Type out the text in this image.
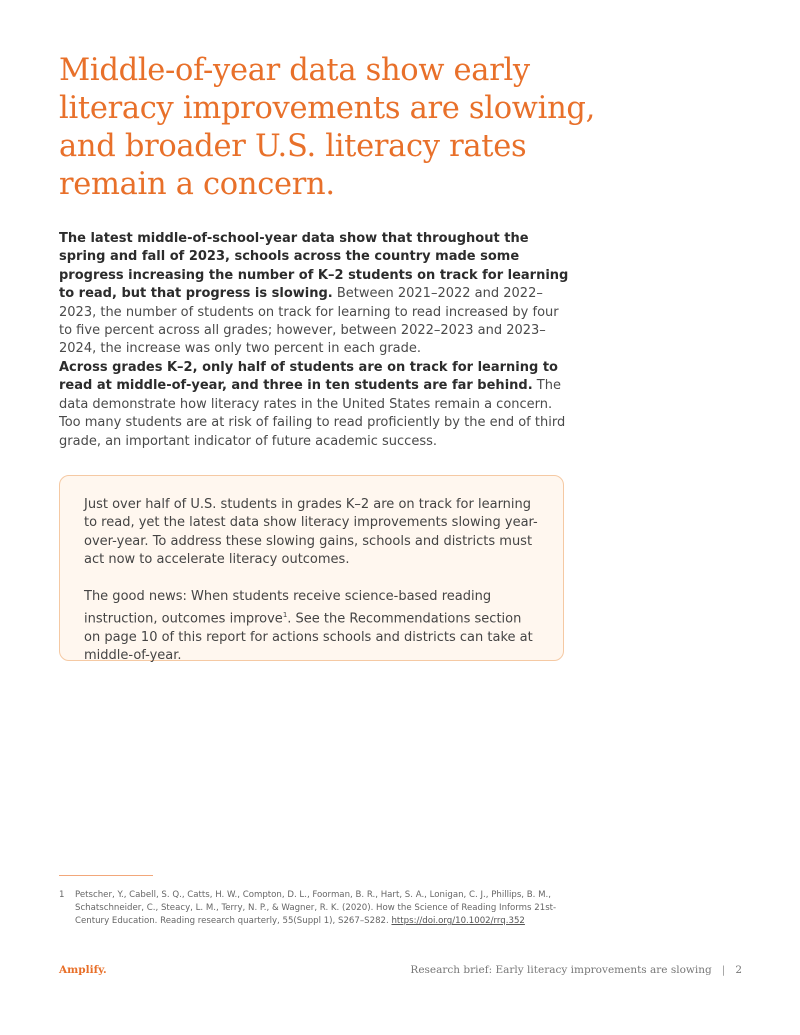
Middle-of-year data show early literacy improvements are slowing, and broader U.S. literacy rates remain a concern.

The latest middle-of-school-year data show that throughout the spring and fall of 2023, schools across the country made some progress increasing the number of K–2 students on track for learning to read, but that progress is slowing. Between 2021–2022 and 2022–2023, the number of students on track for learning to read increased by four to five percent across all grades; however, between 2022–2023 and 2023–2024, the increase was only two percent in each grade.

Across grades K–2, only half of students are on track for learning to read at middle-of-year, and three in ten students are far behind. The data demonstrate how literacy rates in the United States remain a concern. Too many students are at risk of failing to read proficiently by the end of third grade, an important indicator of future academic success.

Just over half of U.S. students in grades K–2 are on track for learning to read, yet the latest data show literacy improvements slowing year-over-year. To address these slowing gains, schools and districts must act now to accelerate literacy outcomes.

The good news: When students receive science-based reading instruction, outcomes improve$^1$. See the Recommendations section on page 10 of this report for actions schools and districts can take at middle-of-year.

1	Petscher, Y., Cabell, S. Q., Catts, H. W., Compton, D. L., Foorman, B. R., Hart, S. A., Lonigan, C. J., Phillips, B. M., Schatschneider, C., Steacy, L. M., Terry, N. P., & Wagner, R. K. (2020). How the Science of Reading Informs 21st-Century Education. Reading research quarterly, 55(Suppl 1), S267–S282. https://doi.org/10.1002/rrq.352
Amplify.	Research brief: Early literacy improvements are slowing | 2
